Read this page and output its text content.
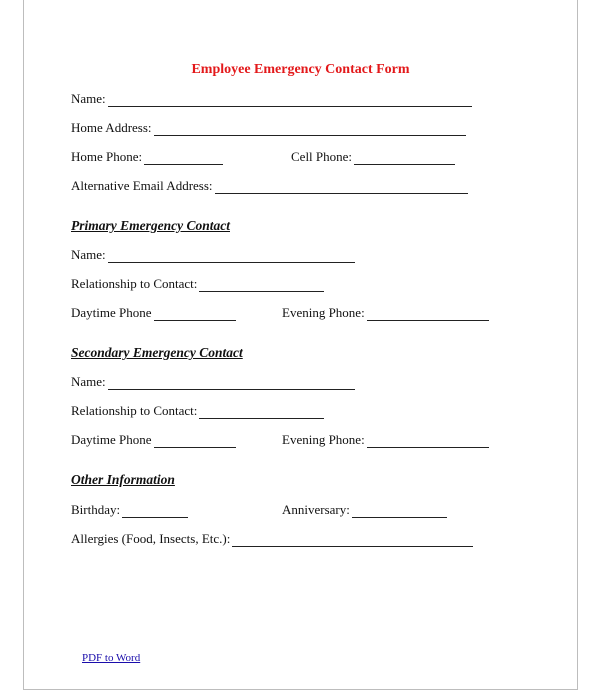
Employee Emergency Contact Form
Name:
Home Address:
Home Phone:	Cell Phone:
Alternative Email Address:
Primary Emergency Contact
Name:
Relationship to Contact:
Daytime Phone	Evening Phone:
Secondary Emergency Contact
Name:
Relationship to Contact:
Daytime Phone	Evening Phone:
Other Information
Birthday:	Anniversary:
Allergies (Food, Insects, Etc.):
PDF to Word
